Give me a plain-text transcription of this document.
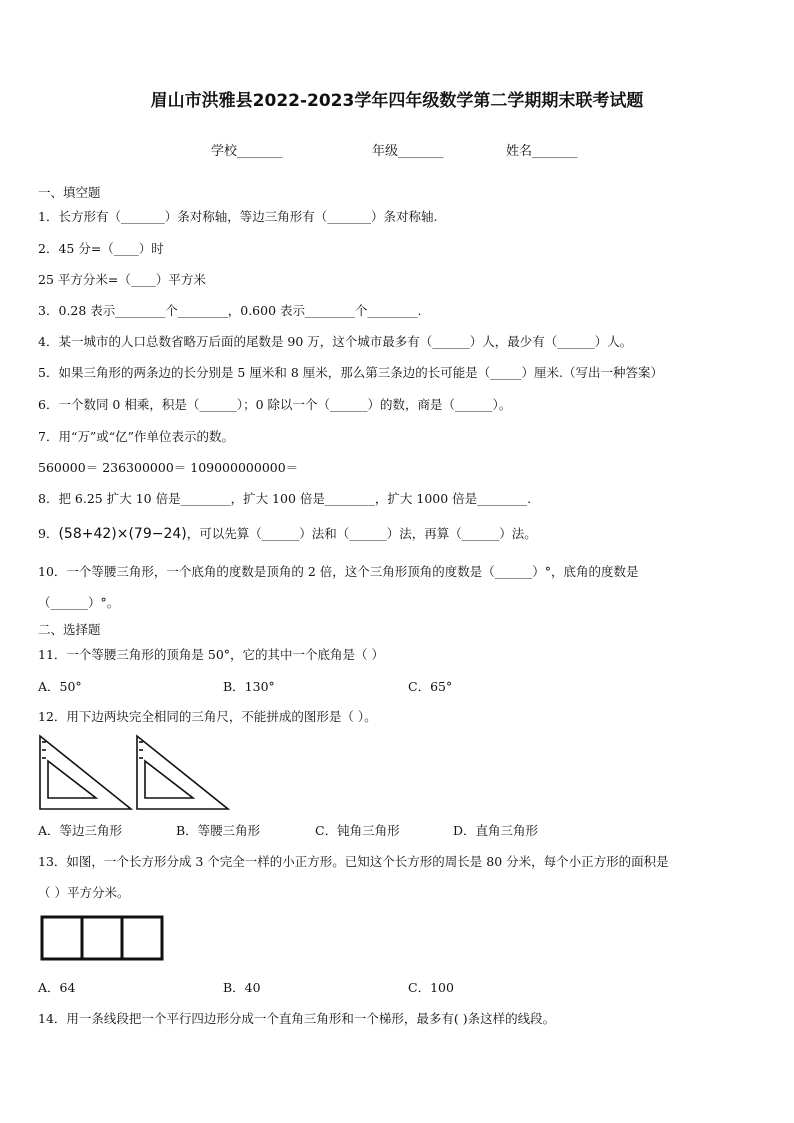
眉山市洪雅县2022-2023学年四年级数学第二学期期末联考试题
学校_______	年级_______	姓名_______
一、填空题
1．长方形有（_______）条对称轴，等边三角形有（_______）条对称轴.
2．45 分=（____）时
25 平方分米=（____）平方米
3．0.28 表示________个________，0.600 表示________个________.
4．某一城市的人口总数省略万后面的尾数是 90 万，这个城市最多有（______）人，最少有（______）人。
5．如果三角形的两条边的长分别是 5 厘米和 8 厘米，那么第三条边的长可能是（_____）厘米.（写出一种答案）
6．一个数同 0 相乘，积是（______）；0 除以一个（______）的数，商是（______）。
7．用“万”或“亿”作单位表示的数。
560000＝ 236300000＝ 109000000000＝
8．把 6.25 扩大 10 倍是________，扩大 100 倍是________，扩大 1000 倍是________.
9．(58+42)×(79−24)，可以先算（______）法和（______）法，再算（______）法。
10．一个等腰三角形，一个底角的度数是顶角的 2 倍，这个三角形顶角的度数是（______）°，底角的度数是
（______）°。
二、选择题
11．一个等腰三角形的顶角是 50°，它的其中一个底角是（ ）
A．50°	B．130°	C．65°
12．用下边两块完全相同的三角尺，不能拼成的图形是（ ）。
A．等边三角形	B．等腰三角形	C．钝角三角形	D．直角三角形
13．如图，一个长方形分成 3 个完全一样的小正方形。已知这个长方形的周长是 80 分米，每个小正方形的面积是
（ ）平方分米。
A．64	B．40	C．100
14．用一条线段把一个平行四边形分成一个直角三角形和一个梯形，最多有( )条这样的线段。
